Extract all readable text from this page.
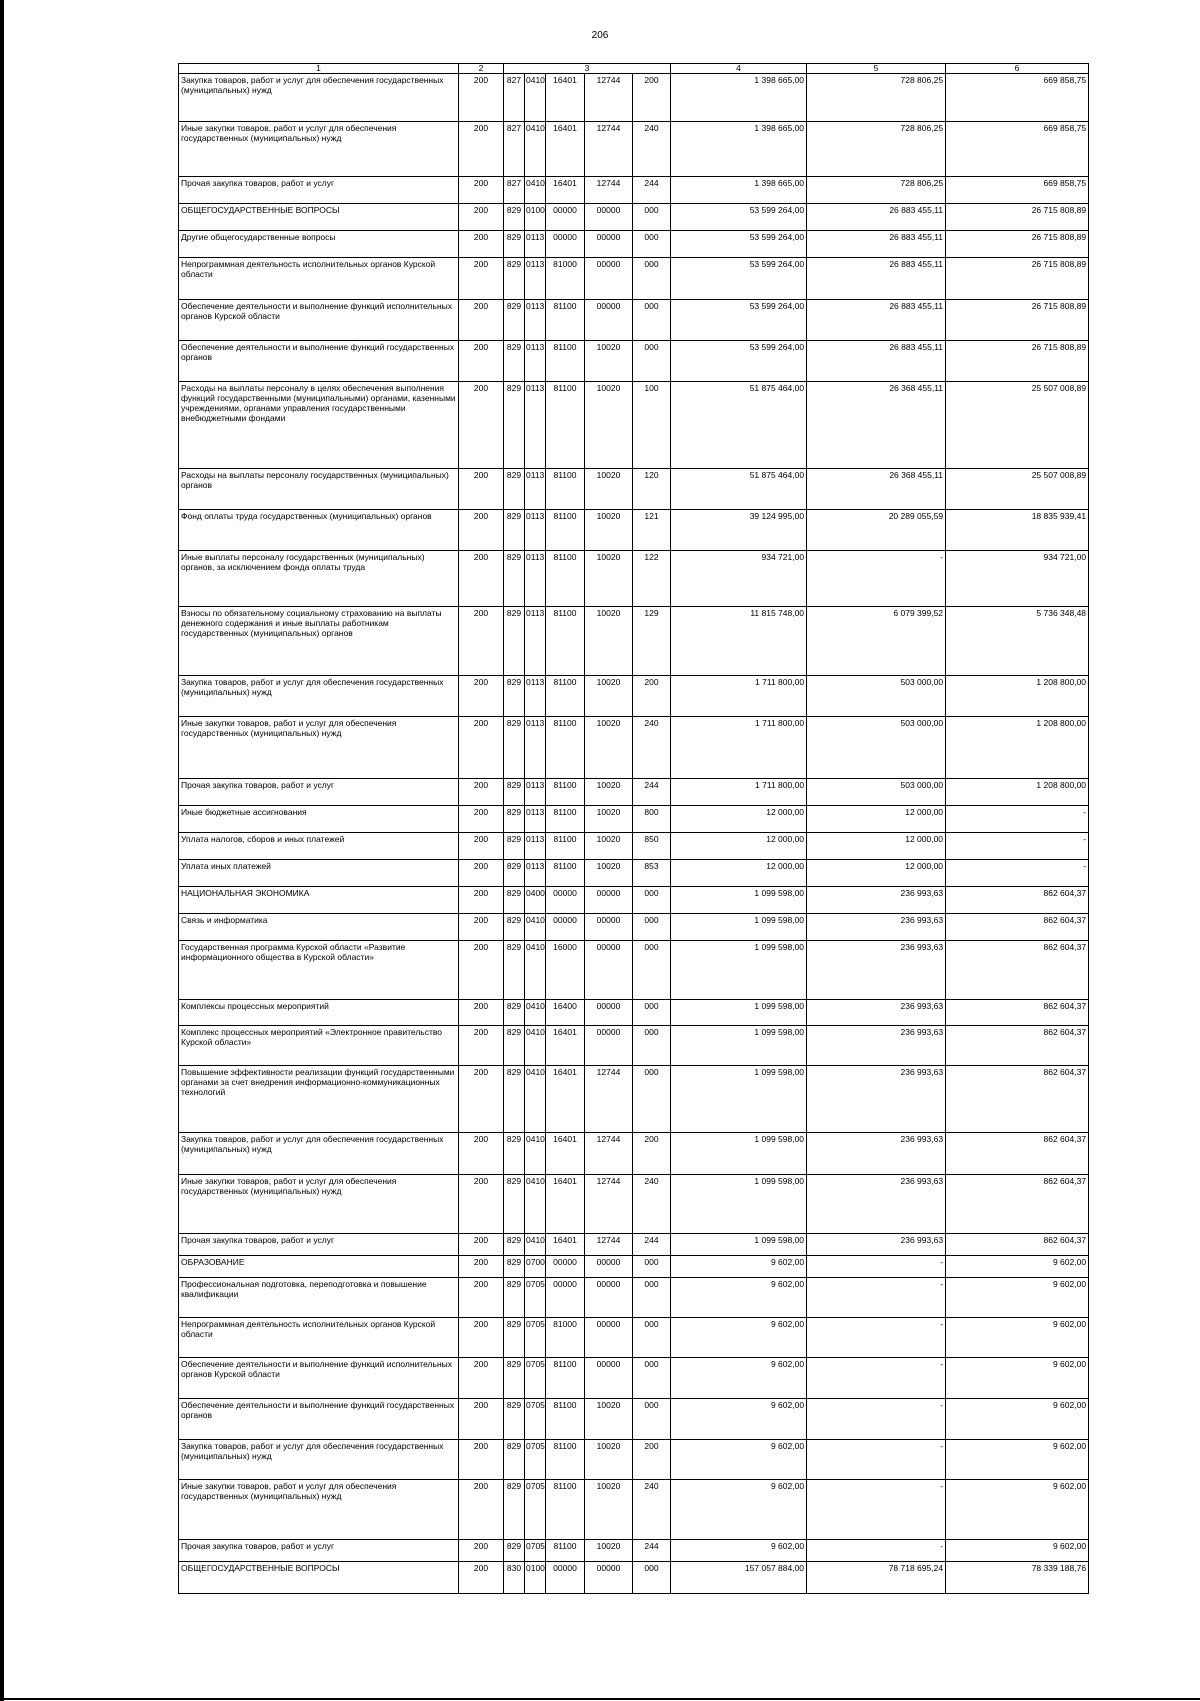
206
1	2	3					4	5	6
Закупка товаров, работ и услуг для обеспечения государственных (муниципальных) нужд	200	827	0410	16401	12744	200	1 398 665,00	728 806,25	669 858,75
Иные закупки товаров, работ и услуг для обеспечения государственных (муниципальных) нужд	200	827	0410	16401	12744	240	1 398 665,00	728 806,25	669 858,75
Прочая закупка товаров, работ и услуг	200	827	0410	16401	12744	244	1 398 665,00	728 806,25	669 858,75
ОБЩЕГОСУДАРСТВЕННЫЕ ВОПРОСЫ	200	829	0100	00000	00000	000	53 599 264,00	26 883 455,11	26 715 808,89
Другие общегосударственные вопросы	200	829	0113	00000	00000	000	53 599 264,00	26 883 455,11	26 715 808,89
Непрограммная деятельность исполнительных органов Курской области	200	829	0113	81000	00000	000	53 599 264,00	26 883 455,11	26 715 808,89
Обеспечение деятельности и выполнение функций исполнительных органов Курской области	200	829	0113	81100	00000	000	53 599 264,00	26 883 455,11	26 715 808,89
Обеспечение деятельности и выполнение функций государственных органов	200	829	0113	81100	10020	000	53 599 264,00	26 883 455,11	26 715 808,89
Расходы на выплаты персоналу в целях обеспечения выполнения функций государственными (муниципальными) органами, казенными учреждениями, органами управления государственными внебюджетными фондами	200	829	0113	81100	10020	100	51 875 464,00	26 368 455,11	25 507 008,89
Расходы на выплаты персоналу государственных (муниципальных) органов	200	829	0113	81100	10020	120	51 875 464,00	26 368 455,11	25 507 008,89
Фонд оплаты труда государственных (муниципальных) органов	200	829	0113	81100	10020	121	39 124 995,00	20 289 055,59	18 835 939,41
Иные выплаты персоналу государственных (муниципальных) органов, за исключением фонда оплаты труда	200	829	0113	81100	10020	122	934 721,00	-	934 721,00
Взносы по обязательному социальному страхованию на выплаты денежного содержания и иные выплаты работникам государственных (муниципальных) органов	200	829	0113	81100	10020	129	11 815 748,00	6 079 399,52	5 736 348,48
Закупка товаров, работ и услуг для обеспечения государственных (муниципальных) нужд	200	829	0113	81100	10020	200	1 711 800,00	503 000,00	1 208 800,00
Иные закупки товаров, работ и услуг для обеспечения государственных (муниципальных) нужд	200	829	0113	81100	10020	240	1 711 800,00	503 000,00	1 208 800,00
Прочая закупка товаров, работ и услуг	200	829	0113	81100	10020	244	1 711 800,00	503 000,00	1 208 800,00
Иные бюджетные ассигнования	200	829	0113	81100	10020	800	12 000,00	12 000,00	-
Уплата налогов, сборов и иных платежей	200	829	0113	81100	10020	850	12 000,00	12 000,00	-
Уплата иных платежей	200	829	0113	81100	10020	853	12 000,00	12 000,00	-
НАЦИОНАЛЬНАЯ ЭКОНОМИКА	200	829	0400	00000	00000	000	1 099 598,00	236 993,63	862 604,37
Связь и информатика	200	829	0410	00000	00000	000	1 099 598,00	236 993,63	862 604,37
Государственная программа Курской области «Развитие информационного общества в Курской области»	200	829	0410	16000	00000	000	1 099 598,00	236 993,63	862 604,37
Комплексы процессных мероприятий	200	829	0410	16400	00000	000	1 099 598,00	236 993,63	862 604,37
Комплекс процессных мероприятий «Электронное правительство Курской области»	200	829	0410	16401	00000	000	1 099 598,00	236 993,63	862 604,37
Повышение эффективности реализации функций государственными органами за счет внедрения информационно-коммуникационных технологий	200	829	0410	16401	12744	000	1 099 598,00	236 993,63	862 604,37
Закупка товаров, работ и услуг для обеспечения государственных (муниципальных) нужд	200	829	0410	16401	12744	200	1 099 598,00	236 993,63	862 604,37
Иные закупки товаров, работ и услуг для обеспечения государственных (муниципальных) нужд	200	829	0410	16401	12744	240	1 099 598,00	236 993,63	862 604,37
Прочая закупка товаров, работ и услуг	200	829	0410	16401	12744	244	1 099 598,00	236 993,63	862 604,37
ОБРАЗОВАНИЕ	200	829	0700	00000	00000	000	9 602,00	-	9 602,00
Профессиональная подготовка, переподготовка и повышение квалификации	200	829	0705	00000	00000	000	9 602,00	-	9 602,00
Непрограммная деятельность исполнительных органов Курской области	200	829	0705	81000	00000	000	9 602,00	-	9 602,00
Обеспечение деятельности и выполнение функций исполнительных органов Курской области	200	829	0705	81100	00000	000	9 602,00	-	9 602,00
Обеспечение деятельности и выполнение функций государственных органов	200	829	0705	81100	10020	000	9 602,00	-	9 602,00
Закупка товаров, работ и услуг для обеспечения государственных (муниципальных) нужд	200	829	0705	81100	10020	200	9 602,00	-	9 602,00
Иные закупки товаров, работ и услуг для обеспечения государственных (муниципальных) нужд	200	829	0705	81100	10020	240	9 602,00	-	9 602,00
Прочая закупка товаров, работ и услуг	200	829	0705	81100	10020	244	9 602,00	-	9 602,00
ОБЩЕГОСУДАРСТВЕННЫЕ ВОПРОСЫ	200	830	0100	00000	00000	000	157 057 884,00	78 718 695,24	78 339 188,76
